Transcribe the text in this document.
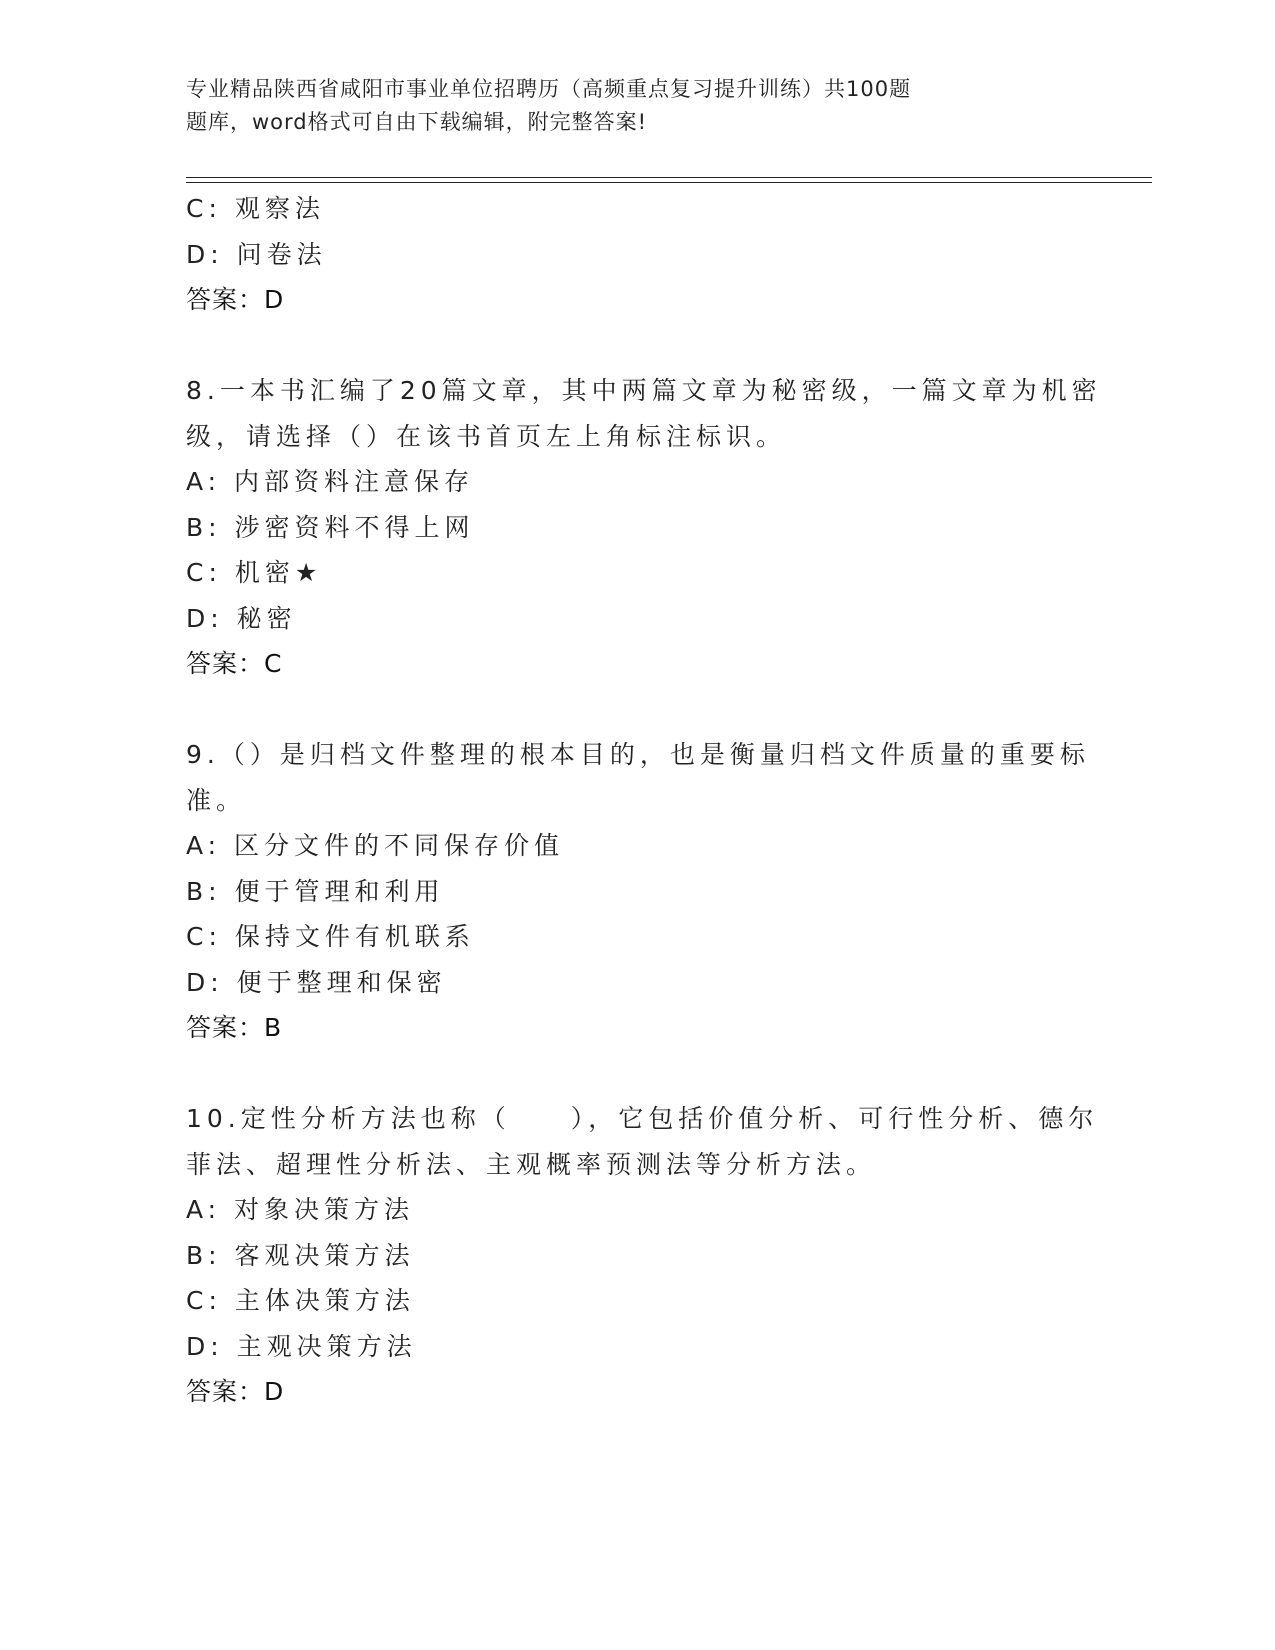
专业精品陕西省咸阳市事业单位招聘历（高频重点复习提升训练）共100题
题库，word格式可自由下载编辑，附完整答案!
C: 观察法
D: 问卷法
答案：D
8.一本书汇编了20篇文章，其中两篇文章为秘密级，一篇文章为机密
级，请选择（）在该书首页左上角标注标识。
A: 内部资料注意保存
B: 涉密资料不得上网
C: 机密★
D: 秘密
答案：C
9.（）是归档文件整理的根本目的，也是衡量归档文件质量的重要标
准。
A: 区分文件的不同保存价值
B: 便于管理和利用
C: 保持文件有机联系
D: 便于整理和保密
答案：B
10.定性分析方法也称（　　），它包括价值分析、可行性分析、德尔
菲法、超理性分析法、主观概率预测法等分析方法。
A: 对象决策方法
B: 客观决策方法
C: 主体决策方法
D: 主观决策方法
答案：D
